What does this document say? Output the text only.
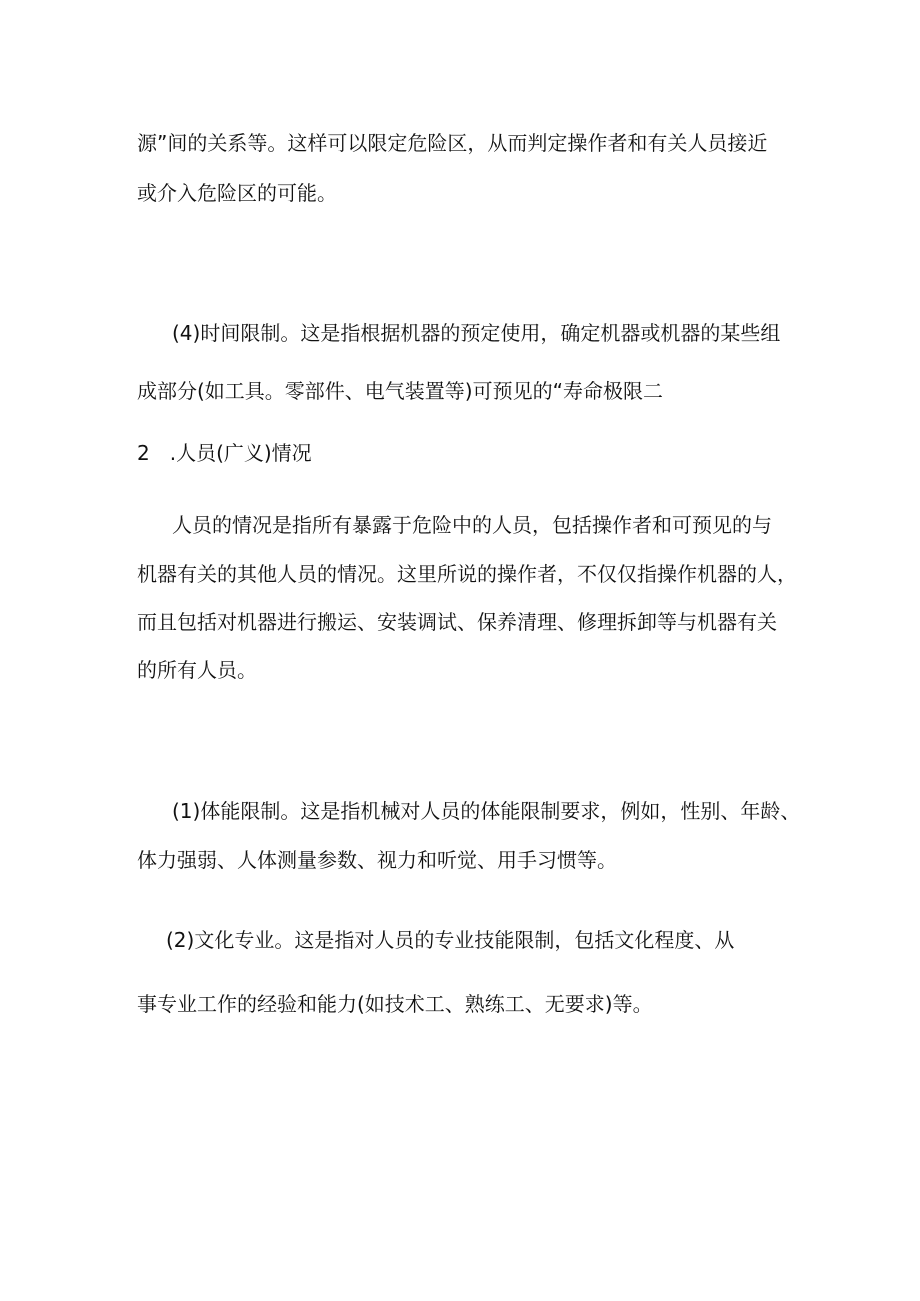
源”间的关系等。这样可以限定危险区，从而判定操作者和有关人员接近
或介入危险区的可能。
(4)时间限制。这是指根据机器的预定使用，确定机器或机器的某些组
成部分(如工具。零部件、电气装置等)可预见的“寿命极限二
2　.人员(广义)情况
人员的情况是指所有暴露于危险中的人员，包括操作者和可预见的与
机器有关的其他人员的情况。这里所说的操作者，不仅仅指操作机器的人，
而且包括对机器进行搬运、安装调试、保养清理、修理拆卸等与机器有关
的所有人员。
(1)体能限制。这是指机械对人员的体能限制要求，例如，性别、年龄、
体力强弱、人体测量参数、视力和听觉、用手习惯等。
(2)文化专业。这是指对人员的专业技能限制，包括文化程度、从
事专业工作的经验和能力(如技术工、熟练工、无要求)等。
